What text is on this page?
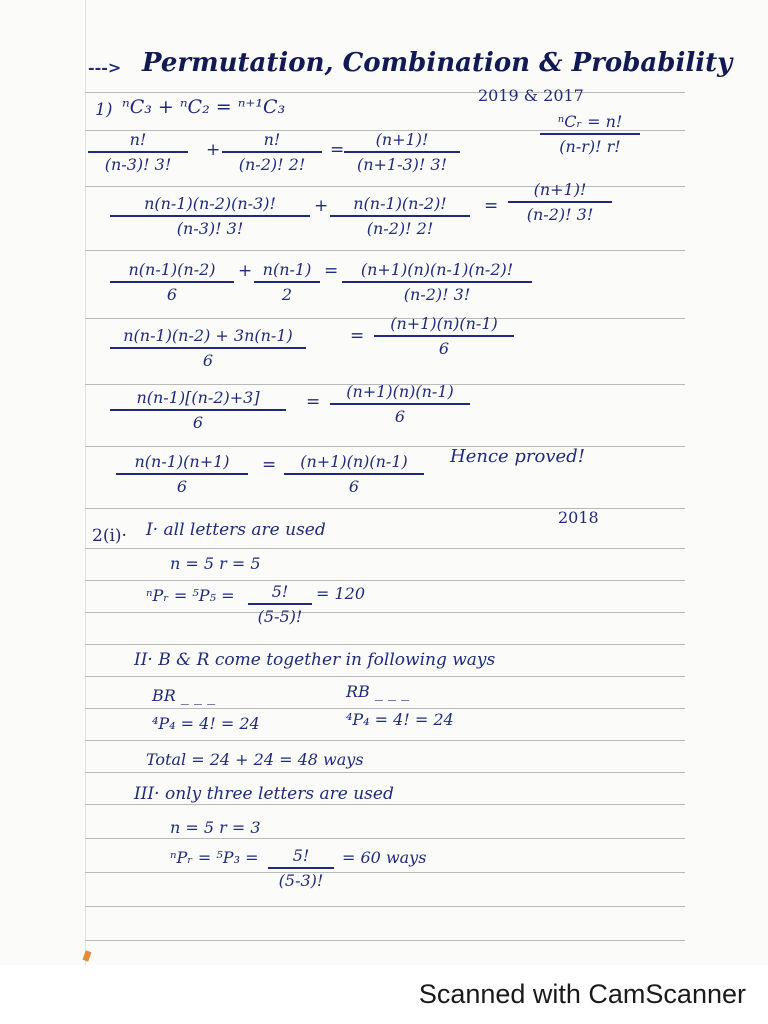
---> Permutation, Combination & Probability
1) ⁿC₃ + ⁿC₂ = ⁿ⁺¹C₃
2019 & 2017
ⁿCᵣ = n!
(n-r)! r!
n!
(n-3)! 3!
+
n!
(n-2)! 2!
=
(n+1)!
(n+1-3)! 3!
n(n-1)(n-2)(n-3)!
(n-3)! 3!
+	n(n-1)(n-2)!
(n-2)! 2!
=
(n+1)!
(n-2)! 3!
n(n-1)(n-2)
6
+ n(n-1)
2
=	(n+1)(n)(n-1)(n-2)!
(n-2)! 3!
n(n-1)(n-2) + 3n(n-1)
6
=
(n+1)(n)(n-1)
6
n(n-1)[(n-2)+3]
6
=
(n+1)(n)(n-1)
6
n(n-1)(n+1)
6
=	(n+1)(n)(n-1)
6
Hence proved!
2(i)·
2018
I· all letters are used
n = 5 r = 5
ⁿPᵣ = ⁵P₅ =	5!
(5-5)!
= 120
II· B & R come together in following ways
BR _ _ _	RB _ _ _
⁴P₄ = 4! = 24	⁴P₄ = 4! = 24
Total = 24 + 24 = 48 ways
III· only three letters are used
n = 5 r = 3
ⁿPᵣ = ⁵P₃ =	5!
(5-3)!
= 60 ways
Scanned with CamScanner
